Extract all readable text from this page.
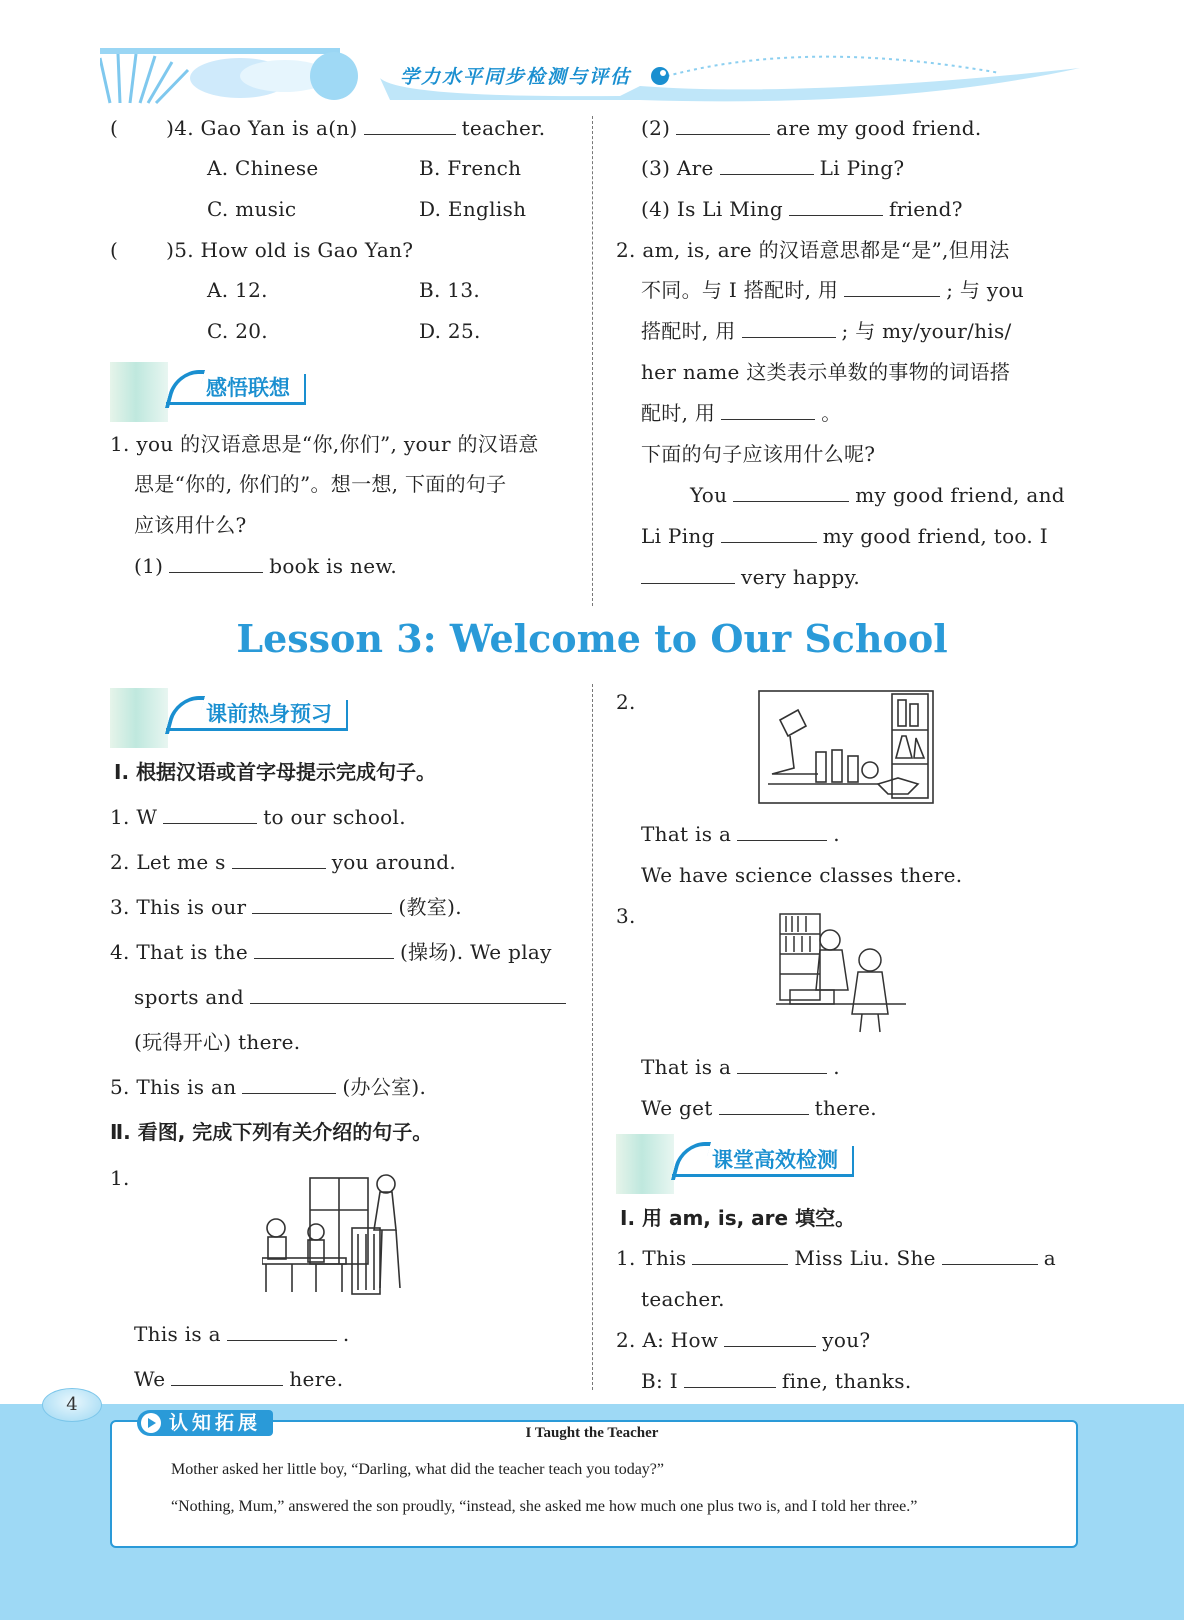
学力水平同步检测与评估
( )4. Gao Yan is a(n)	teacher.
A. Chinese	B. French
C. music	D. English
( )5. How old is Gao Yan?
A. 12.	B. 13.
C. 20.	D. 25.
感悟联想
1. you 的汉语意思是“你,你们”, your 的汉语意
思是“你的, 你们的”。想一想, 下面的句子
应该用什么?
(1)	book is new.
(2)	are my good friend.
(3) Are	Li Ping?
(4) Is Li Ming	friend?
2. am, is, are 的汉语意思都是“是”,但用法
不同。与 I 搭配时, 用	; 与 you
搭配时, 用	; 与 my/your/his/
her name 这类表示单数的事物的词语搭
配时, 用	。
下面的句子应该用什么呢?
You	my good friend, and
Li Ping	my good friend, too. I
very happy.
Lesson 3: Welcome to Our School
课前热身预习
Ⅰ. 根据汉语或首字母提示完成句子。
1. W	to our school.
2. Let me s	you around.
3. This is our	(教室).
4. That is the	(操场). We play
sports and
(玩得开心) there.
5. This is an	(办公室).
Ⅱ. 看图, 完成下列有关介绍的句子。
1.
This is a	.
We	here.
2.
That is a	.
We have science classes there.
3.
That is a	.
We get	there.
课堂高效检测
Ⅰ. 用 am, is, are 填空。
1. This	Miss Liu. She	a
teacher.
2. A: How	you?
B: I	fine, thanks.
4
认知拓展	I Taught the Teacher
Mother asked her little boy, “Darling, what did the teacher teach you today?”
“Nothing, Mum,” answered the son proudly, “instead, she asked me how much one plus two is, and I told her three.”
